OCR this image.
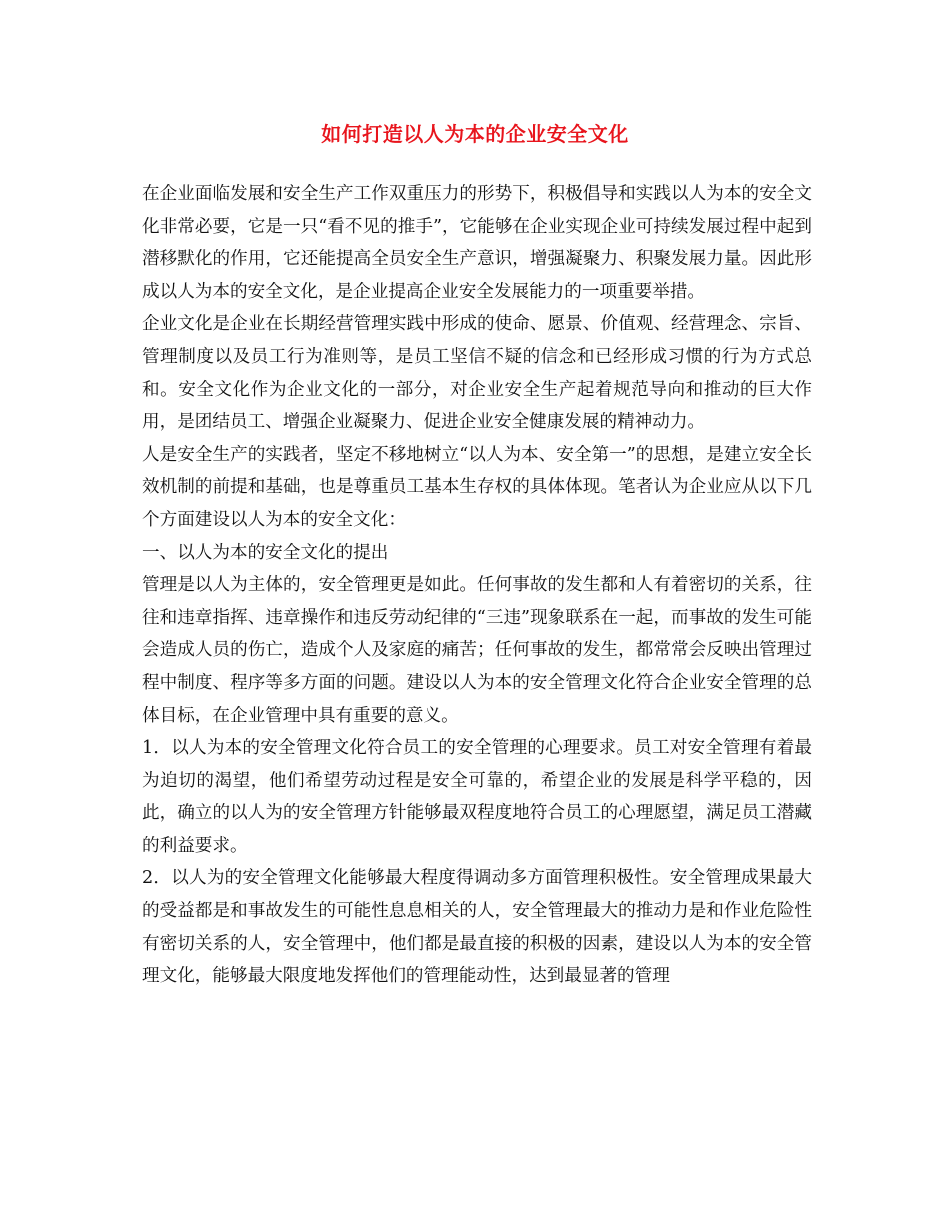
如何打造以人为本的企业安全文化

在企业面临发展和安全生产工作双重压力的形势下，积极倡导和实践以人为本的安全文化非常必要，它是一只“看不见的推手”，它能够在企业实现企业可持续发展过程中起到潜移默化的作用，它还能提高全员安全生产意识，增强凝聚力、积聚发展力量。因此形成以人为本的安全文化，是企业提高企业安全发展能力的一项重要举措。

企业文化是企业在长期经营管理实践中形成的使命、愿景、价值观、经营理念、宗旨、管理制度以及员工行为准则等，是员工坚信不疑的信念和已经形成习惯的行为方式总和。安全文化作为企业文化的一部分，对企业安全生产起着规范导向和推动的巨大作用，是团结员工、增强企业凝聚力、促进企业安全健康发展的精神动力。

人是安全生产的实践者，坚定不移地树立“以人为本、安全第一”的思想，是建立安全长效机制的前提和基础，也是尊重员工基本生存权的具体体现。笔者认为企业应从以下几个方面建设以人为本的安全文化：

一、以人为本的安全文化的提出

管理是以人为主体的，安全管理更是如此。任何事故的发生都和人有着密切的关系，往往和违章指挥、违章操作和违反劳动纪律的“三违”现象联系在一起，而事故的发生可能会造成人员的伤亡，造成个人及家庭的痛苦；任何事故的发生，都常常会反映出管理过程中制度、程序等多方面的问题。建设以人为本的安全管理文化符合企业安全管理的总体目标，在企业管理中具有重要的意义。

1．以人为本的安全管理文化符合员工的安全管理的心理要求。员工对安全管理有着最为迫切的渴望，他们希望劳动过程是安全可靠的，希望企业的发展是科学平稳的，因此，确立的以人为的安全管理方针能够最双程度地符合员工的心理愿望，满足员工潜藏的利益要求。

2．以人为的安全管理文化能够最大程度得调动多方面管理积极性。安全管理成果最大的受益都是和事故发生的可能性息息相关的人，安全管理最大的推动力是和作业危险性有密切关系的人，安全管理中，他们都是最直接的积极的因素，建设以人为本的安全管理文化，能够最大限度地发挥他们的管理能动性，达到最显著的管理
